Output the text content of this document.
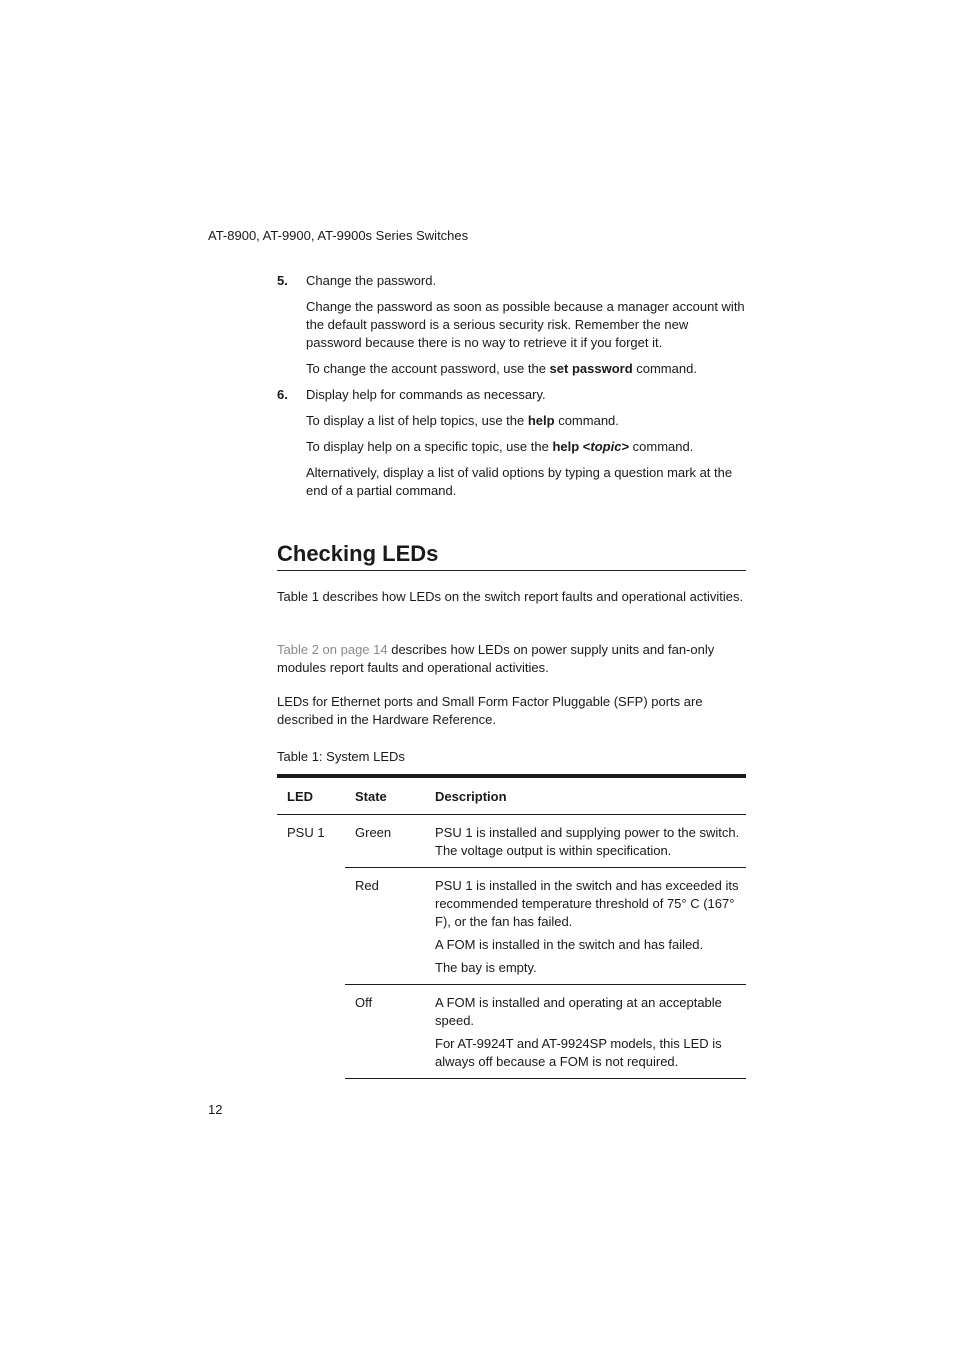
AT-8900, AT-9900, AT-9900s Series Switches
5. Change the password.

Change the password as soon as possible because a manager account with the default password is a serious security risk. Remember the new password because there is no way to retrieve it if you forget it.

To change the account password, use the set password command.

6. Display help for commands as necessary.

To display a list of help topics, use the help command.

To display help on a specific topic, use the help <topic> command.

Alternatively, display a list of valid options by typing a question mark at the end of a partial command.

Checking LEDs

Table 1 describes how LEDs on the switch report faults and operational activities.

Table 2 on page 14 describes how LEDs on power supply units and fan-only modules report faults and operational activities.

LEDs for Ethernet ports and Small Form Factor Pluggable (SFP) ports are described in the Hardware Reference.

Table 1: System LEDs
LED	State	Description
PSU 1	Green	PSU 1 is installed and supplying power to the switch. The voltage output is within specification.

	Red	PSU 1 is installed in the switch and has exceeded its recommended temperature threshold of 75° C (167° F), or the fan has failed.

A FOM is installed in the switch and has failed.

The bay is empty.

	Off	A FOM is installed and operating at an acceptable speed.

For AT-9924T and AT-9924SP models, this LED is always off because a FOM is not required.

12
